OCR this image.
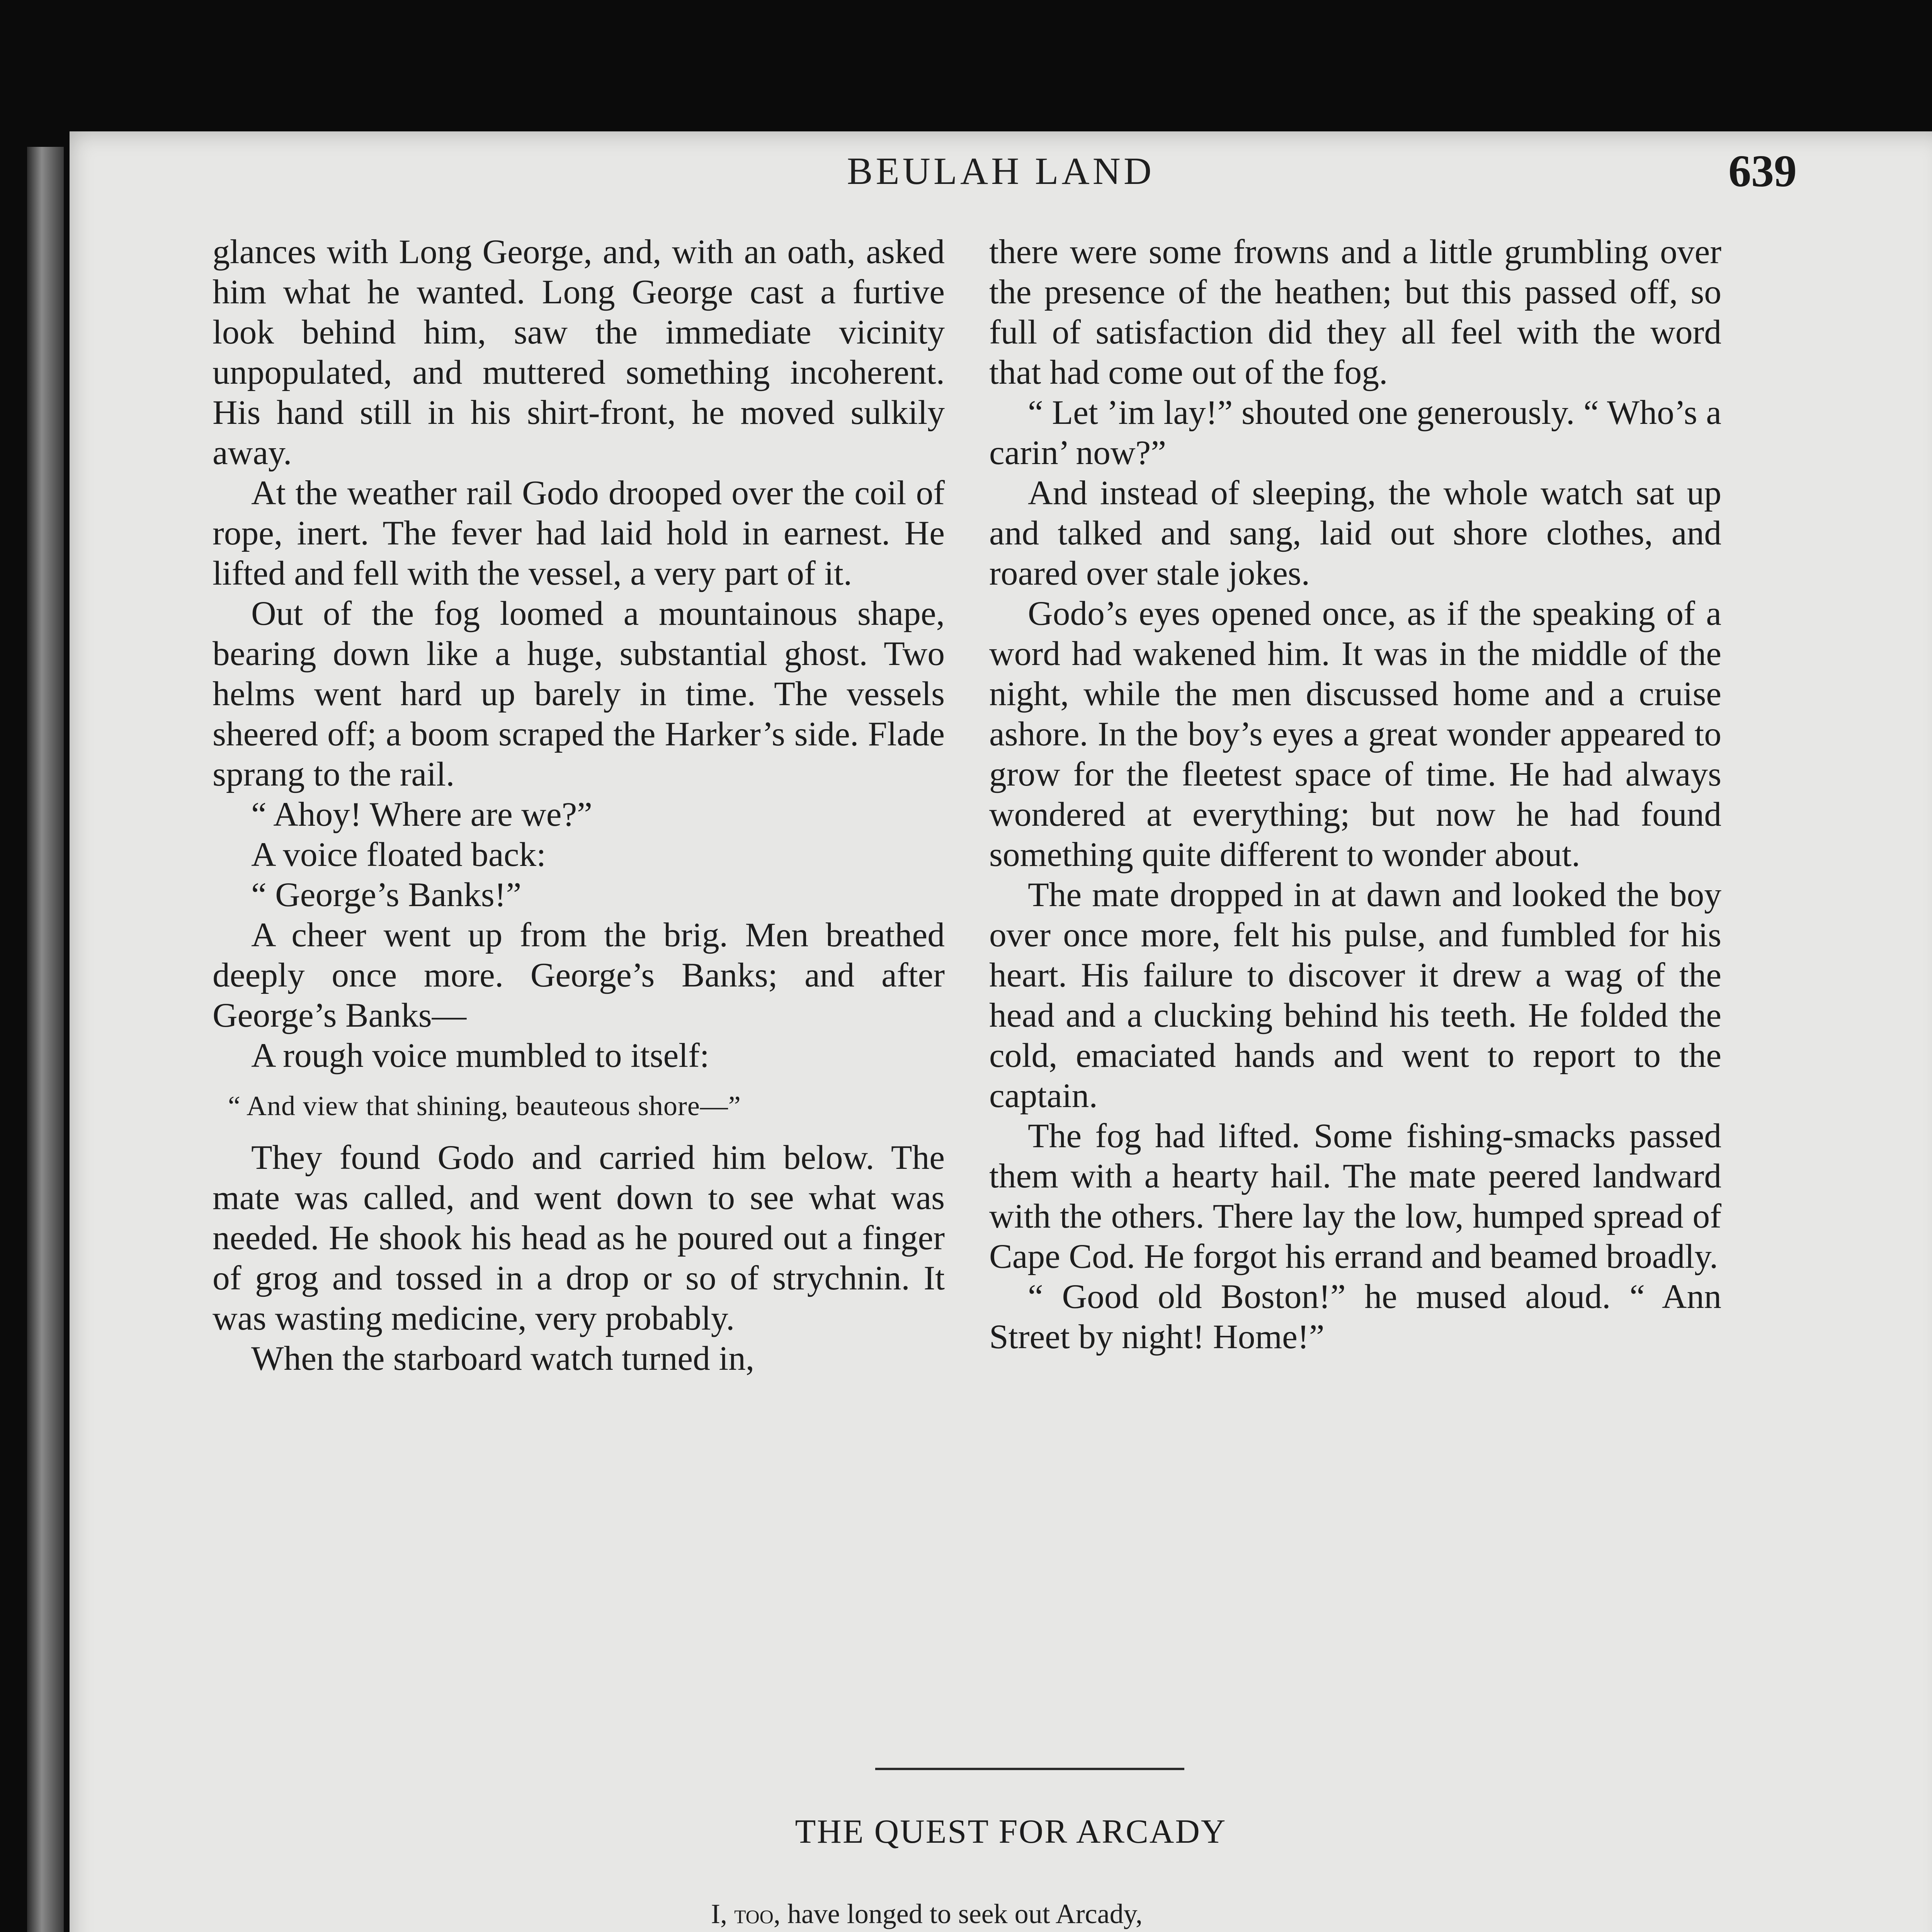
BEULAH LAND	639

glances with Long George, and, with an oath, asked him what he wanted. Long George cast a furtive look behind him, saw the immediate vicinity unpopulated, and muttered something incoherent. His hand still in his shirt-front, he moved sulkily away.

At the weather rail Godo drooped over the coil of rope, inert. The fever had laid hold in earnest. He lifted and fell with the vessel, a very part of it.

Out of the fog loomed a mountainous shape, bearing down like a huge, substantial ghost. Two helms went hard up barely in time. The vessels sheered off; a boom scraped the Harker’s side. Flade sprang to the rail.

“ Ahoy! Where are we?”

A voice floated back:

“ George’s Banks!”

A cheer went up from the brig. Men breathed deeply once more. George’s Banks; and after George’s Banks—

A rough voice mumbled to itself:

“ And view that shining, beauteous shore—”

They found Godo and carried him below. The mate was called, and went down to see what was needed. He shook his head as he poured out a finger of grog and tossed in a drop or so of strychnin. It was wasting medicine, very probably.

When the starboard watch turned in,

there were some frowns and a little grumbling over the presence of the heathen; but this passed off, so full of satisfaction did they all feel with the word that had come out of the fog.

“ Let ’im lay!” shouted one generously. “ Who’s a carin’ now?”

And instead of sleeping, the whole watch sat up and talked and sang, laid out shore clothes, and roared over stale jokes.

Godo’s eyes opened once, as if the speaking of a word had wakened him. It was in the middle of the night, while the men discussed home and a cruise ashore. In the boy’s eyes a great wonder appeared to grow for the fleetest space of time. He had always wondered at everything; but now he had found something quite different to wonder about.

The mate dropped in at dawn and looked the boy over once more, felt his pulse, and fumbled for his heart. His failure to discover it drew a wag of the head and a clucking behind his teeth. He folded the cold, emaciated hands and went to report to the captain.

The fog had lifted. Some fishing-smacks passed them with a hearty hail. The mate peered landward with the others. There lay the low, humped spread of Cape Cod. He forgot his errand and beamed broadly.

“ Good old Boston!” he mused aloud. “ Ann Street by night! Home!”

THE QUEST FOR ARCADY
I, too, have longed to seek out Arcady,
